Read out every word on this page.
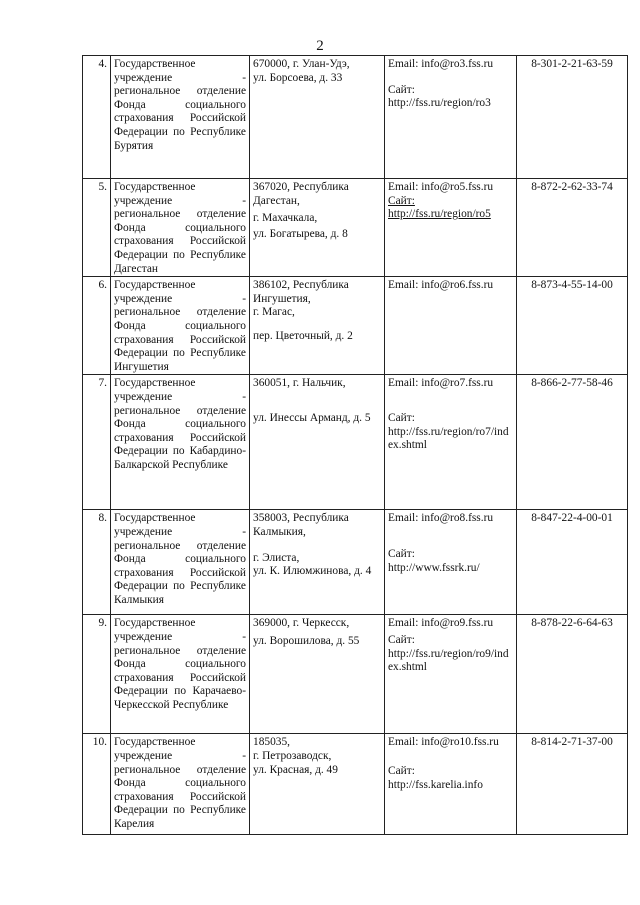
2
4.	Государственное учреждение - региональное отделение Фонда социального страхования Российской Федерации по Республике Бурятия	670000, г. Улан-Удэ,
ул. Борсоева, д. 33	Email: info@ro3.fss.ru
Сайт:
http://fss.ru/region/ro3	8-301-2-21-63-59
5.	Государственное учреждение - региональное отделение Фонда социального страхования Российской Федерации по Республике Дагестан	367020, Республика Дагестан,
г. Махачкала,
ул. Богатырева, д. 8	Email: info@ro5.fss.ru
Сайт:
http://fss.ru/region/ro5	8-872-2-62-33-74
6.	Государственное учреждение - региональное отделение Фонда социального страхования Российской Федерации по Республике Ингушетия	386102, Республика Ингушетия,
г. Магас,
пер. Цветочный, д. 2	Email: info@ro6.fss.ru	8-873-4-55-14-00
7.	Государственное учреждение - региональное отделение Фонда социального страхования Российской Федерации по Кабардино-Балкарской Республике	360051, г. Нальчик,
ул. Инессы Арманд, д. 5	Email: info@ro7.fss.ru
Сайт:
http://fss.ru/region/ro7/index.shtml	8-866-2-77-58-46
8.	Государственное учреждение - региональное отделение Фонда социального страхования Российской Федерации по Республике Калмыкия	358003, Республика Калмыкия,
г. Элиста,
ул. К. Илюмжинова, д. 4	Email: info@ro8.fss.ru
Сайт:
http://www.fssrk.ru/	8-847-22-4-00-01
9.	Государственное учреждение - региональное отделение Фонда социального страхования Российской Федерации по Карачаево-Черкесской Республике	369000, г. Черкесск,
ул. Ворошилова, д. 55	Email: info@ro9.fss.ru
Сайт:
http://fss.ru/region/ro9/index.shtml	8-878-22-6-64-63
10.	Государственное учреждение - региональное отделение Фонда социального страхования Российской Федерации по Республике Карелия	185035,
г. Петрозаводск,
ул. Красная, д. 49	Email: info@ro10.fss.ru
Сайт:
http://fss.karelia.info	8-814-2-71-37-00
